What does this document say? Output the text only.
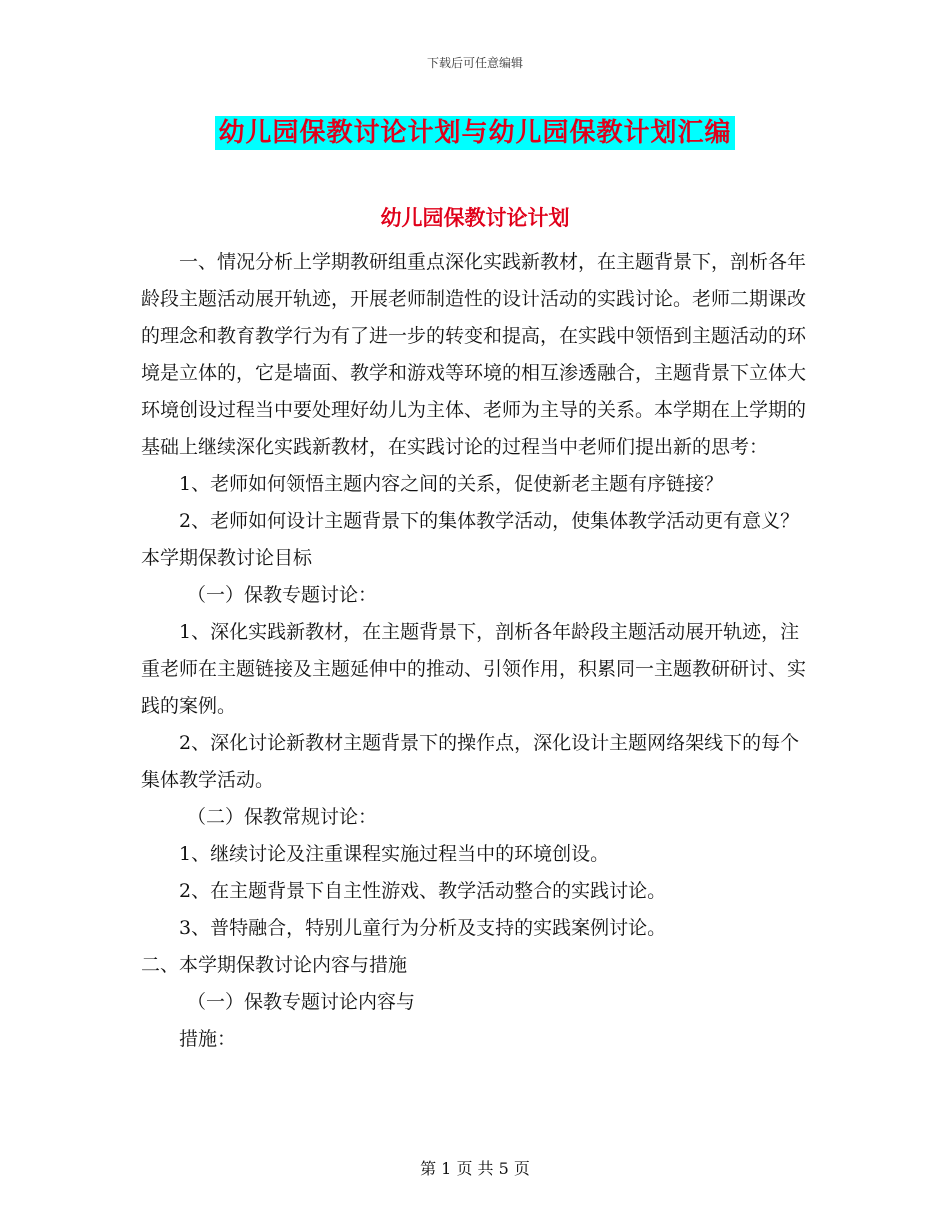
下载后可任意编辑
幼儿园保教讨论计划与幼儿园保教计划汇编
幼儿园保教讨论计划

一、情况分析上学期教研组重点深化实践新教材，在主题背景下，剖析各年龄段主题活动展开轨迹，开展老师制造性的设计活动的实践讨论。老师二期课改的理念和教育教学行为有了进一步的转变和提高，在实践中领悟到主题活动的环境是立体的，它是墙面、教学和游戏等环境的相互渗透融合，主题背景下立体大环境创设过程当中要处理好幼儿为主体、老师为主导的关系。本学期在上学期的基础上继续深化实践新教材，在实践讨论的过程当中老师们提出新的思考：

1、老师如何领悟主题内容之间的关系，促使新老主题有序链接？

2、老师如何设计主题背景下的集体教学活动，使集体教学活动更有意义？本学期保教讨论目标

（一）保教专题讨论：

1、深化实践新教材，在主题背景下，剖析各年龄段主题活动展开轨迹，注重老师在主题链接及主题延伸中的推动、引领作用，积累同一主题教研研讨、实践的案例。

2、深化讨论新教材主题背景下的操作点，深化设计主题网络架线下的每个集体教学活动。

（二）保教常规讨论：

1、继续讨论及注重课程实施过程当中的环境创设。

2、在主题背景下自主性游戏、教学活动整合的实践讨论。

3、普特融合，特别儿童行为分析及支持的实践案例讨论。

二、本学期保教讨论内容与措施

（一）保教专题讨论内容与

措施：

第 1 页 共 5 页
